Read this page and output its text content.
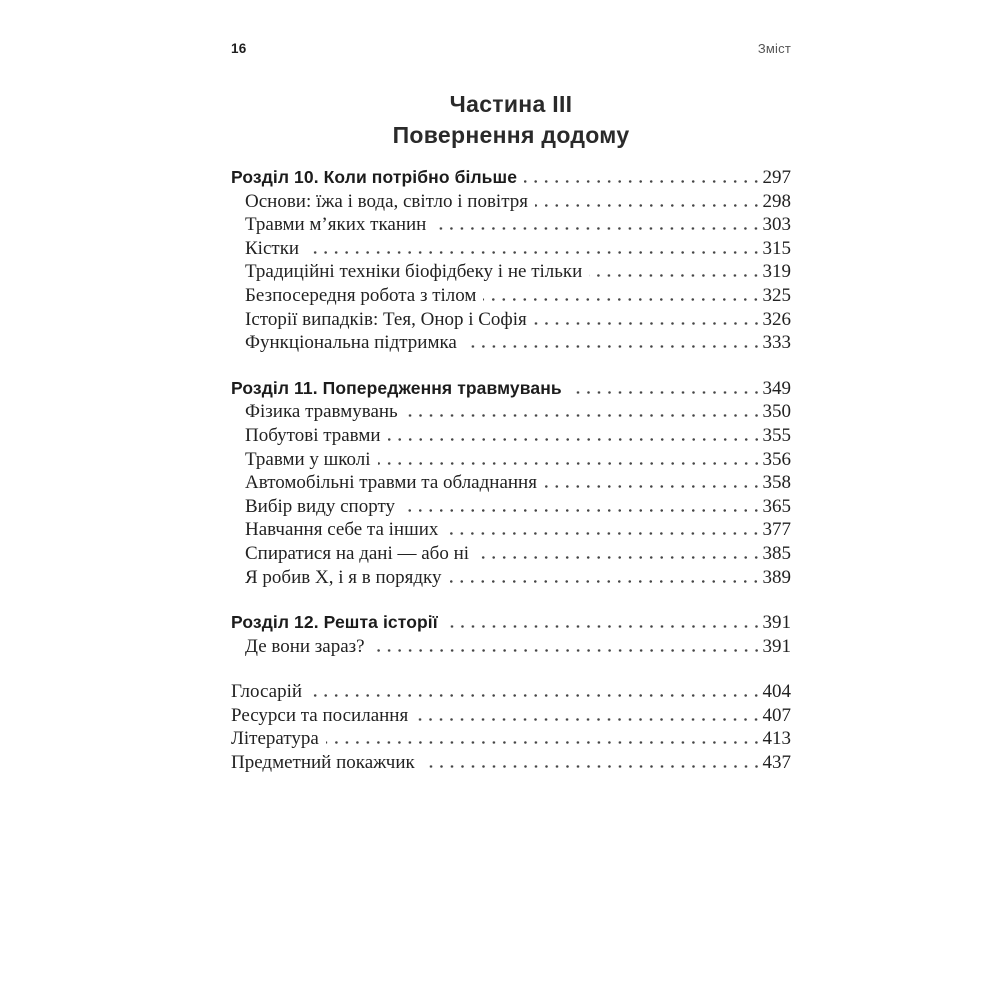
16	Зміст
Частина III
Повернення додому
Розділ 10. Коли потрібно більше	297
Основи: їжа і вода, світло і повітря	298
Травми м’яких тканин	303
Кістки	315
Традиційні техніки біофідбеку і не тільки	319
Безпосередня робота з тілом	325
Історії випадків: Тея, Онор і Софія	326
Функціональна підтримка	333
Розділ 11. Попередження травмувань	349
Фізика травмувань	350
Побутові травми	355
Травми у школі	356
Автомобільні травми та обладнання	358
Вибір виду спорту	365
Навчання себе та інших	377
Спиратися на дані — або ні	385
Я робив X, і я в порядку	389
Розділ 12. Решта історії	391
Де вони зараз?	391
Глосарій	404
Ресурси та посилання	407
Література	413
Предметний покажчик	437
